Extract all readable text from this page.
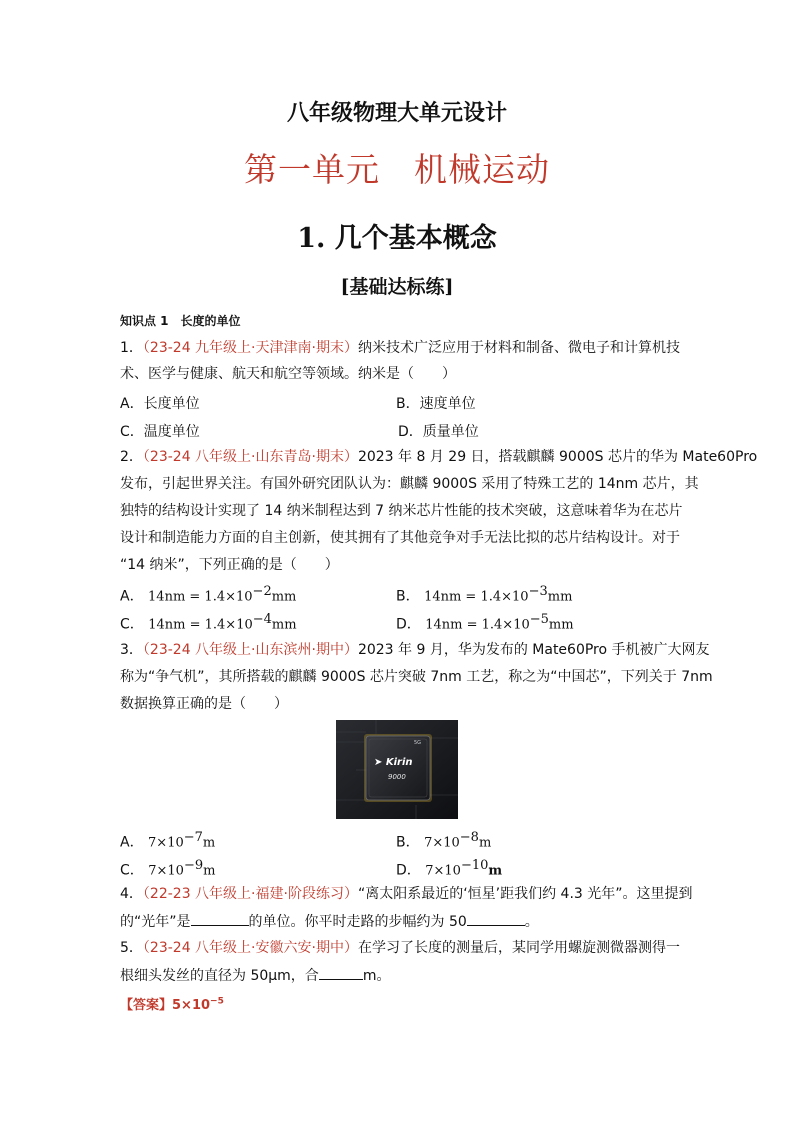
八年级物理大单元设计
第一单元　机械运动
1. 几个基本概念
[基础达标练]
知识点 1　长度的单位
1．（23-24 九年级上·天津津南·期末）纳米技术广泛应用于材料和制备、微电子和计算机技
术、医学与健康、航天和航空等领域。纳米是（　　）
A．长度单位	B．速度单位
C．温度单位	D．质量单位
2．（23-24 八年级上·山东青岛·期末）2023 年 8 月 29 日，搭载麒麟 9000S 芯片的华为 Mate60Pro
发布，引起世界关注。有国外研究团队认为：麒麟 9000S 采用了特殊工艺的 14nm 芯片，其
独特的结构设计实现了 14 纳米制程达到 7 纳米芯片性能的技术突破，这意味着华为在芯片
设计和制造能力方面的自主创新，使其拥有了其他竞争对手无法比拟的芯片结构设计。对于
“14 纳米”，下列正确的是（　　）
A． $14nm = 1.4\times 10^{-2}mm$	B． $14nm = 1.4\times 10^{-3}mm$
C． $14nm = 1.4\times 10^{-4}mm$	D． $14nm = 1.4\times 10^{-5}mm$
3．（23-24 八年级上·山东滨州·期中）2023 年 9 月，华为发布的 Mate60Pro 手机被广大网友
称为“争气机”，其所搭载的麒麟 9000S 芯片突破 7nm 工艺，称之为“中国芯”，下列关于 7nm
数据换算正确的是（　　）
5G
➤ Kirin
9000
A． $7\times 10^{-7}m$	B． $7\times 10^{-8}m$
C． $7\times 10^{-9}m$	D． $7\times 10^{-10}m$
4．（22-23 八年级上·福建·阶段练习）“离太阳系最近的‘恒星’距我们约 4.3 光年”。这里提到
的“光年”是	的单位。你平时走路的步幅约为 50	。
5．（23-24 八年级上·安徽六安·期中）在学习了长度的测量后，某同学用螺旋测微器测得一
根细头发丝的直径为 50μm，合	m。
【答案】$5\times 10^{-5}$
